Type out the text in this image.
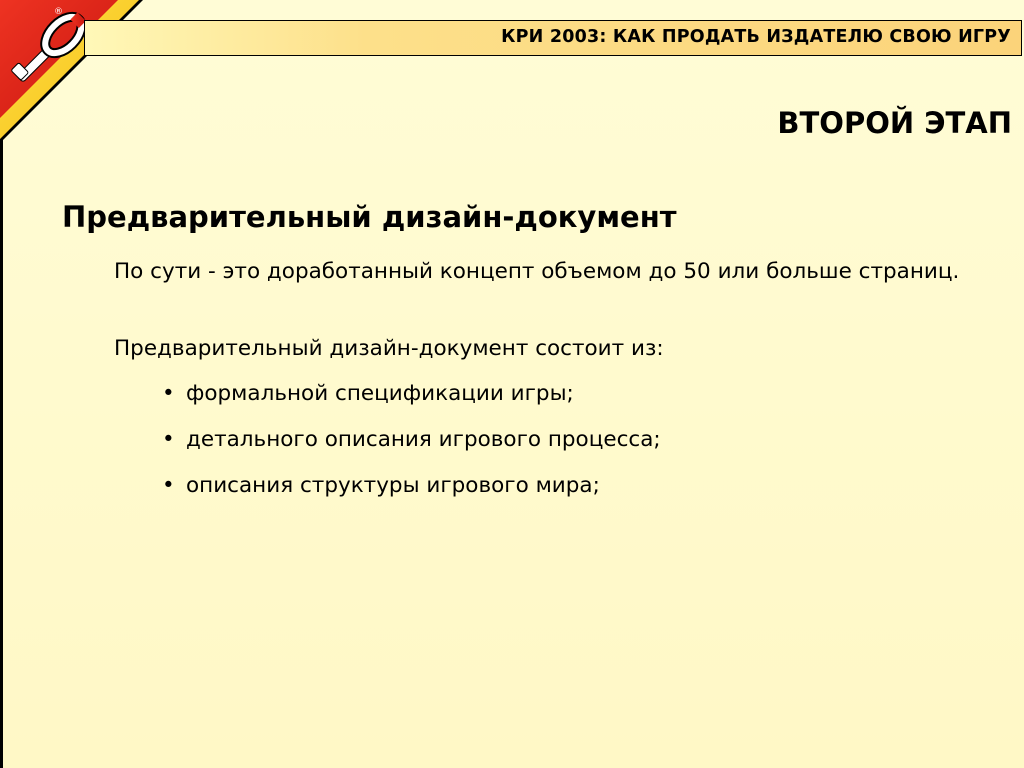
®
КРИ 2003: КАК ПРОДАТЬ ИЗДАТЕЛЮ СВОЮ ИГРУ
ВТОРОЙ ЭТАП
Предварительный дизайн-документ
По сути - это доработанный концепт объемом до 50 или больше страниц.
Предварительный дизайн-документ состоит из:
• формальной спецификации игры;
• детального описания игрового процесса;
• описания структуры игрового мира;
